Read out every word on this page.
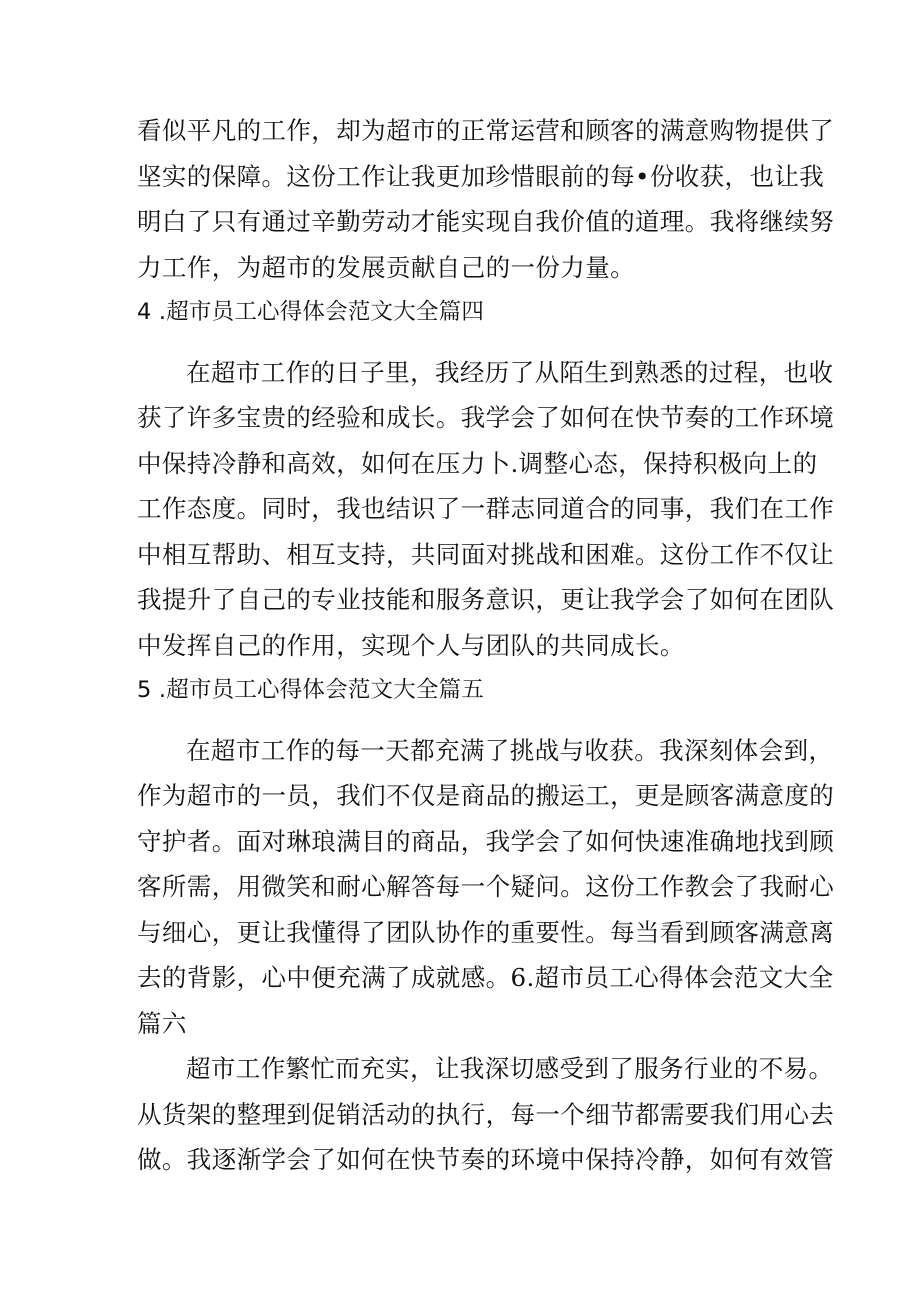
看似平凡的工作，却为超市的正常运营和顾客的满意购物提供了
坚实的保障。这份工作让我更加珍惜眼前的每•份收获，也让我
明白了只有通过辛勤劳动才能实现自我价值的道理。我将继续努
力工作，为超市的发展贡献自己的一份力量。
4 .超市员工心得体会范文大全篇四
在超市工作的日子里，我经历了从陌生到熟悉的过程，也收
获了许多宝贵的经验和成长。我学会了如何在快节奏的工作环境
中保持冷静和高效，如何在压力卜.调整心态，保持积极向上的
工作态度。同时，我也结识了一群志同道合的同事，我们在工作
中相互帮助、相互支持，共同面对挑战和困难。这份工作不仅让
我提升了自己的专业技能和服务意识，更让我学会了如何在团队
中发挥自己的作用，实现个人与团队的共同成长。
5 .超市员工心得体会范文大全篇五
在超市工作的每一天都充满了挑战与收获。我深刻体会到，
作为超市的一员，我们不仅是商品的搬运工，更是顾客满意度的
守护者。面对琳琅满目的商品，我学会了如何快速准确地找到顾
客所需，用微笑和耐心解答每一个疑问。这份工作教会了我耐心
与细心，更让我懂得了团队协作的重要性。每当看到顾客满意离
去的背影，心中便充满了成就感。6.超市员工心得体会范文大全
篇六
超市工作繁忙而充实，让我深切感受到了服务行业的不易。
从货架的整理到促销活动的执行，每一个细节都需要我们用心去
做。我逐渐学会了如何在快节奏的环境中保持冷静，如何有效管
